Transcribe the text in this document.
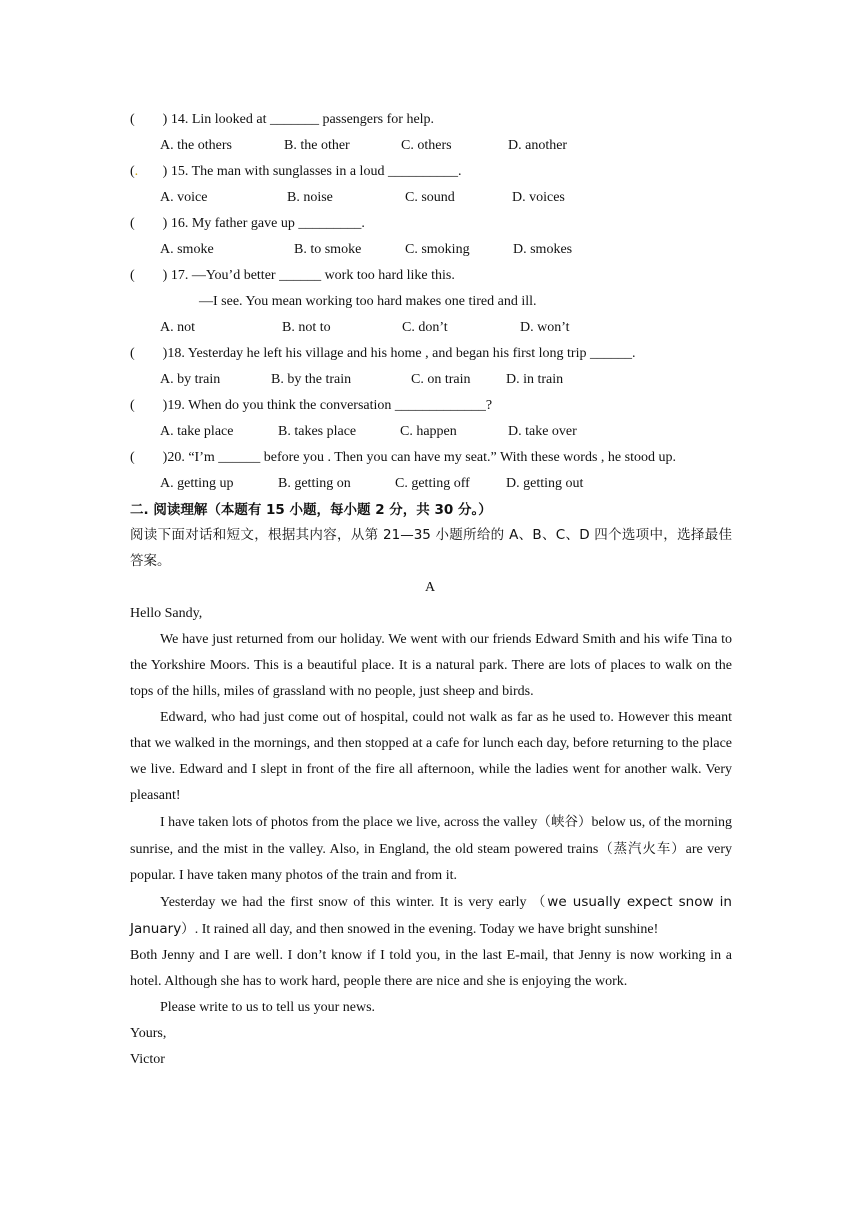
(        ) 14. Lin looked at _______ passengers for help.
A. the others	B. the other	C. others	D. another
(.       ) 15. The man with sunglasses in a loud __________.
A. voice	B. noise	C. sound	D. voices
(        ) 16. My father gave up _________.
A. smoke	B. to smoke	C. smoking	D. smokes
(        ) 17. —You’d better ______ work too hard like this.
—I see. You mean working too hard makes one tired and ill.
A. not	B. not to	C. don’t	D. won’t
(        )18. Yesterday he left his village and his home , and began his first long trip ______.
A. by train	B. by the train	C. on train	D. in train
(        )19. When do you think the conversation _____________?
A. take place	B. takes place	C. happen	D. take over
(        )20. “I’m ______ before you . Then you can have my seat.” With these words , he stood up.
A. getting up	B. getting on	C. getting off	D. getting out
二. 阅读理解（本题有 15 小题，每小题 2 分，共 30 分。）
阅读下面对话和短文，根据其内容，从第 21—35 小题所给的 A、B、C、D 四个选项中，选择最佳答案。
A

Hello Sandy,

We have just returned from our holiday. We went with our friends Edward Smith and his wife Tina to the Yorkshire Moors. This is a beautiful place. It is a natural park. There are lots of places to walk on the tops of the hills, miles of grassland with no people, just sheep and birds.

Edward, who had just come out of hospital, could not walk as far as he used to. However this meant that we walked in the mornings, and then stopped at a cafe for lunch each day, before returning to the place we live. Edward and I slept in front of the fire all afternoon, while the ladies went for another walk. Very pleasant!

I have taken lots of photos from the place we live, across the valley（峡谷）below us, of the morning sunrise, and the mist in the valley. Also, in England, the old steam powered trains（蒸汽火车）are very popular. I have taken many photos of the train and from it.

Yesterday we had the first snow of this winter. It is very early （we usually expect snow in January）. It rained all day, and then snowed in the evening. Today we have bright sunshine!

Both Jenny and I are well. I don’t know if I told you, in the last E-mail, that Jenny is now working in a hotel. Although she has to work hard, people there are nice and she is enjoying the work.

Please write to us to tell us your news.

Yours,

Victor
